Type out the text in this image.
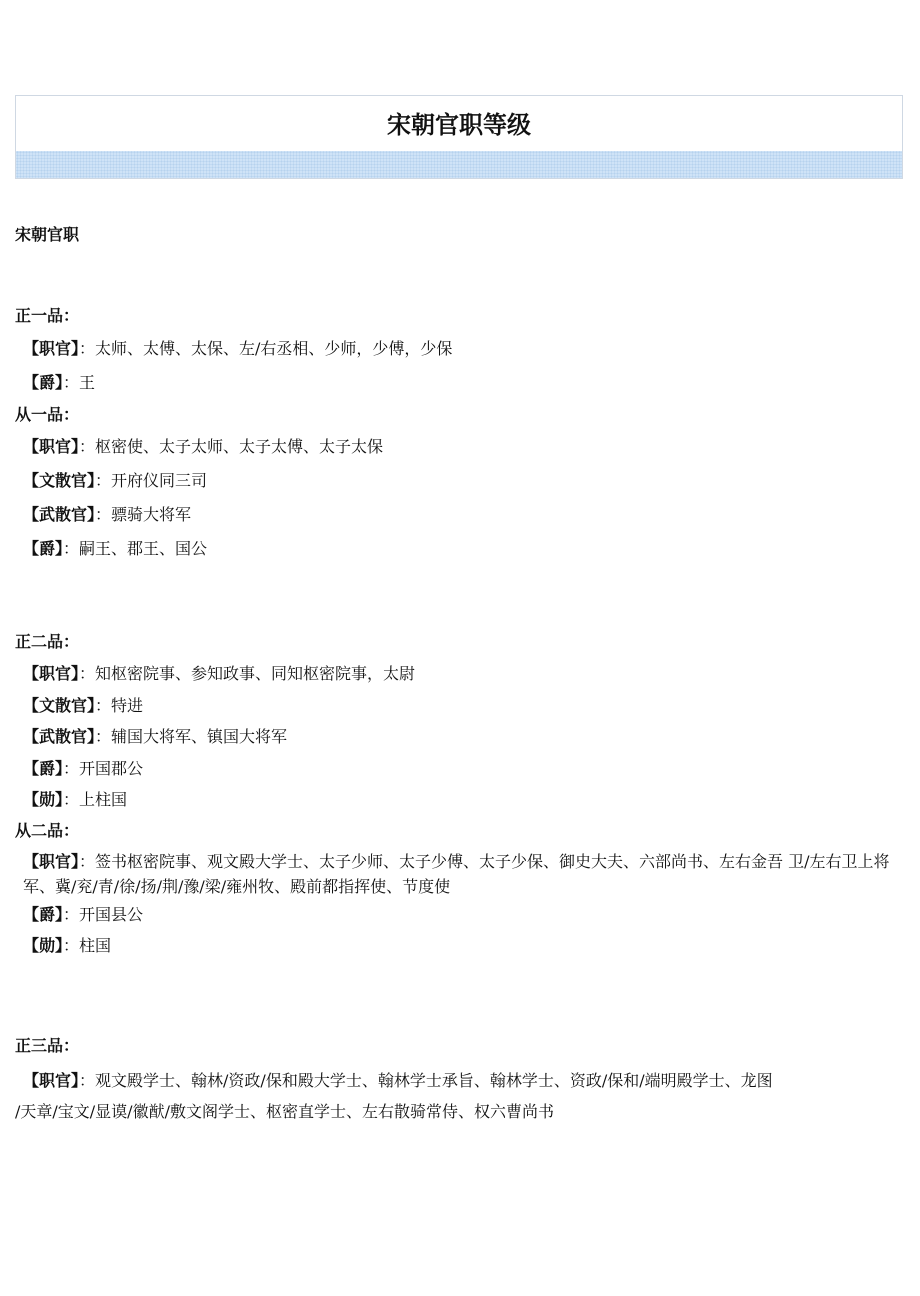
宋朝官职等级
宋朝官职
正一品：
【职官】：太师、太傅、太保、左/右丞相、少师，少傅，少保
【爵】：王
从一品：
【职官】：枢密使、太子太师、太子太傅、太子太保
【文散官】：开府仪同三司
【武散官】：骠骑大将军
【爵】：嗣王、郡王、国公
正二品：
【职官】：知枢密院事、参知政事、同知枢密院事，太尉
【文散官】：特进
【武散官】：辅国大将军、镇国大将军
【爵】：开国郡公
【勋】：上柱国
从二品：
【职官】：签书枢密院事、观文殿大学士、太子少师、太子少傅、太子少保、御史大夫、六部尚书、左右金吾 卫/左右卫上将军、冀/兖/青/徐/扬/荆/豫/梁/雍州牧、殿前都指挥使、节度使
【爵】：开国县公
【勋】：柱国
正三品：
【职官】：观文殿学士、翰林/资政/保和殿大学士、翰林学士承旨、翰林学士、资政/保和/端明殿学士、龙图
/天章/宝文/显谟/徽猷/敷文阁学士、枢密直学士、左右散骑常侍、权六曹尚书
